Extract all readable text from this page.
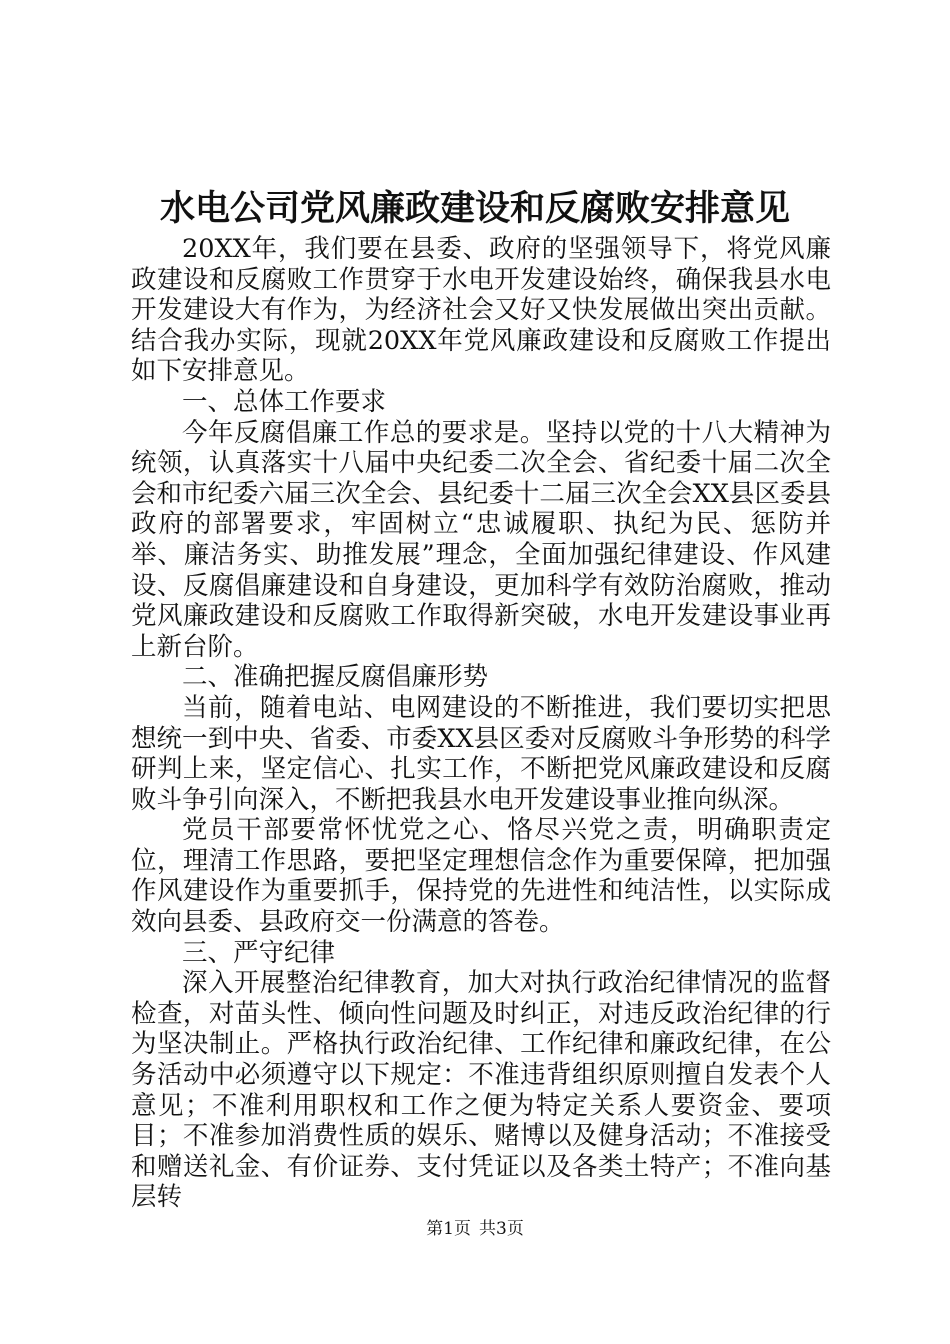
水电公司党风廉政建设和反腐败安排意见

20XX年，我们要在县委、政府的坚强领导下，将党风廉政建设和反腐败工作贯穿于水电开发建设始终，确保我县水电开发建设大有作为，为经济社会又好又快发展做出突出贡献。结合我办实际，现就20XX年党风廉政建设和反腐败工作提出如下安排意见。

一、总体工作要求

今年反腐倡廉工作总的要求是。坚持以党的十八大精神为统领，认真落实十八届中央纪委二次全会、省纪委十届二次全会和市纪委六届三次全会、县纪委十二届三次全会XX县区委县政府的部署要求，牢固树立“忠诚履职、执纪为民、惩防并举、廉洁务实、助推发展”理念，全面加强纪律建设、作风建设、反腐倡廉建设和自身建设，更加科学有效防治腐败，推动党风廉政建设和反腐败工作取得新突破，水电开发建设事业再上新台阶。

二、准确把握反腐倡廉形势

当前，随着电站、电网建设的不断推进，我们要切实把思想统一到中央、省委、市委XX县区委对反腐败斗争形势的科学研判上来，坚定信心、扎实工作，不断把党风廉政建设和反腐败斗争引向深入，不断把我县水电开发建设事业推向纵深。

党员干部要常怀忧党之心、恪尽兴党之责，明确职责定位，理清工作思路，要把坚定理想信念作为重要保障，把加强作风建设作为重要抓手，保持党的先进性和纯洁性，以实际成效向县委、县政府交一份满意的答卷。

三、严守纪律

深入开展整治纪律教育，加大对执行政治纪律情况的监督检查，对苗头性、倾向性问题及时纠正，对违反政治纪律的行为坚决制止。严格执行政治纪律、工作纪律和廉政纪律，在公务活动中必须遵守以下规定：不准违背组织原则擅自发表个人意见；不准利用职权和工作之便为特定关系人要资金、要项目；不准参加消费性质的娱乐、赌博以及健身活动；不准接受和赠送礼金、有价证券、支付凭证以及各类土特产；不准向基层转

第1页 共3页
